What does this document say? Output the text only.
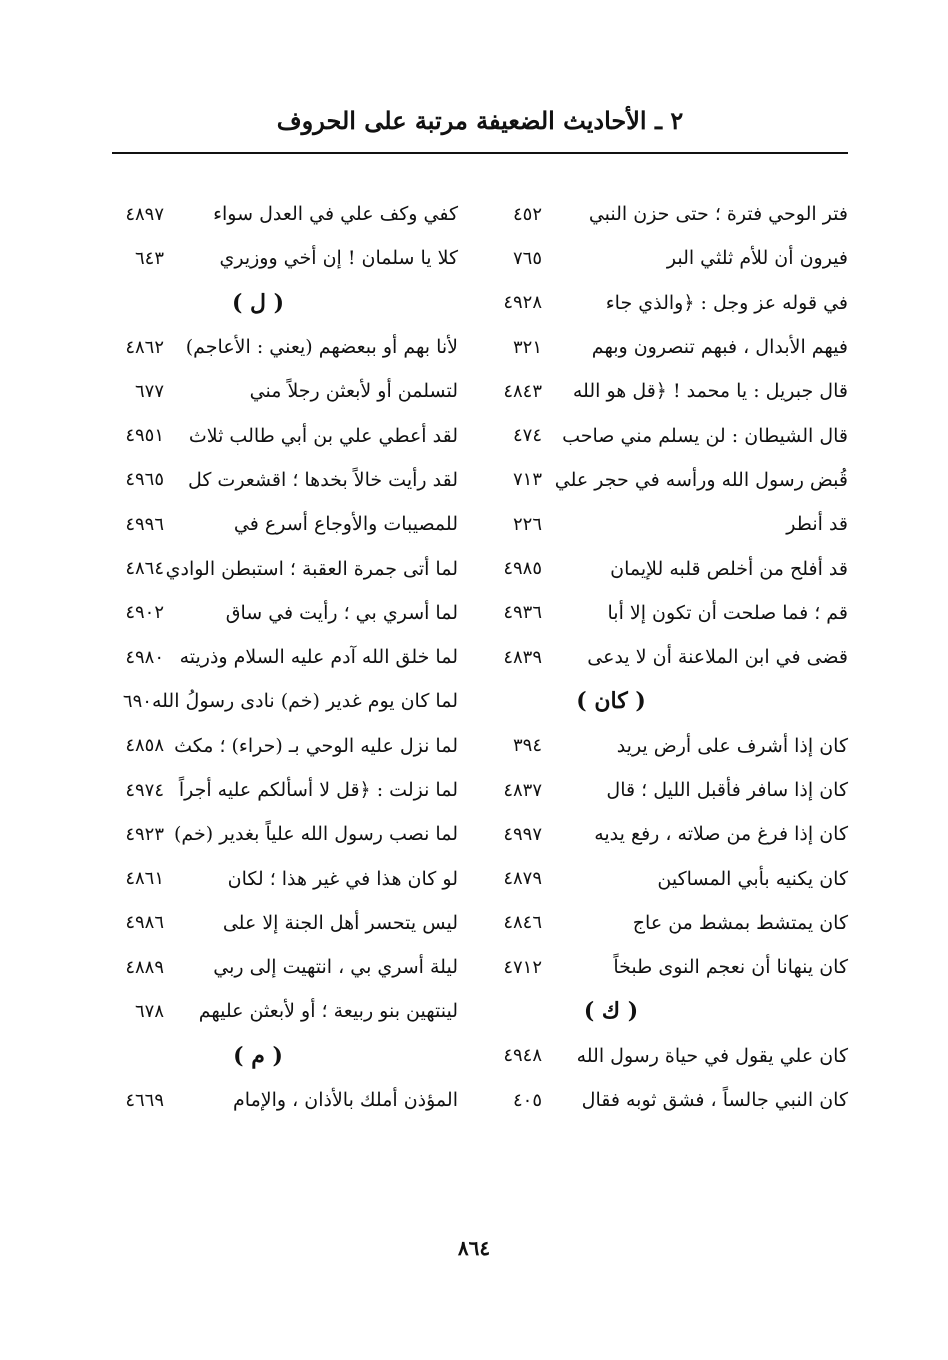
٢ ـ الأحاديث الضعيفة مرتبة على الحروف
فتر الوحي فترة ؛ حتى حزن النبي
٤٥٢
فيرون أن للأم ثلثي البر
٧٦٥
في قوله عز وجل : ﴿والذي جاء
٤٩٢٨
فيهم الأبدال ، فبهم تنصرون وبهم
٣٢١
قال جبريل : يا محمد ! ﴿قل هو الله
٤٨٤٣
قال الشيطان : لن يسلم مني صاحب
٤٧٤
قُبض رسول الله ورأسه في حجر علي
٧١٣
قد أنطر
٢٢٦
قد أفلح من أخلص قلبه للإيمان
٤٩٨٥
قم ؛ فما صلحت أن تكون إلا أبا
٤٩٣٦
قضى في ابن الملاعنة أن لا يدعى
٤٨٣٩
( كان )
كان إذا أشرف على أرض يريد
٣٩٤
كان إذا سافر فأقبل الليل ؛ قال
٤٨٣٧
كان إذا فرغ من صلاته ، رفع يديه
٤٩٩٧
كان يكنيه بأبي المساكين
٤٨٧٩
كان يمتشط بمشط من عاج
٤٨٤٦
كان ينهانا أن نعجم النوى طبخاً
٤٧١٢
( ك )
كان علي يقول في حياة رسول الله
٤٩٤٨
كان النبي جالساً ، فشق ثوبه فقال
٤٠٥
كفي وكف علي في العدل سواء
٤٨٩٧
كلا يا سلمان ! إن أخي ووزيري
٦٤٣
( ل )
لأنا بهم أو ببعضهم (يعني : الأعاجم)
٤٨٦٢
لتسلمن أو لأبعثن رجلاً مني
٦٧٧
لقد أعطي علي بن أبي طالب ثلاث
٤٩٥١
لقد رأيت خالاً بخدها ؛ اقشعرت كل
٤٩٦٥
للمصيبات والأوجاع أسرع في
٤٩٩٦
لما أتى جمرة العقبة ؛ استبطن الوادي
٤٨٦٤
لما أسري بي ؛ رأيت في ساق
٤٩٠٢
لما خلق الله آدم عليه السلام وذريته
٤٩٨٠
لما كان يوم غدير (خم) نادى رسولُ الله
٦٩٠
لما نزل عليه الوحي بـ (حراء) ؛ مكث
٤٨٥٨
لما نزلت : ﴿قل لا أسألكم عليه أجراً
٤٩٧٤
لما نصب رسول الله علياً بغدير (خم)
٤٩٢٣
لو كان هذا في غير هذا ؛ لكان
٤٨٦١
ليس يتحسر أهل الجنة إلا على
٤٩٨٦
ليلة أسري بي ، انتهيت إلى ربي
٤٨٨٩
لينتهين بنو ربيعة ؛ أو لأبعثن عليهم
٦٧٨
( م )
المؤذن أملك بالأذان ، والإمام
٤٦٦٩
٨٦٤
